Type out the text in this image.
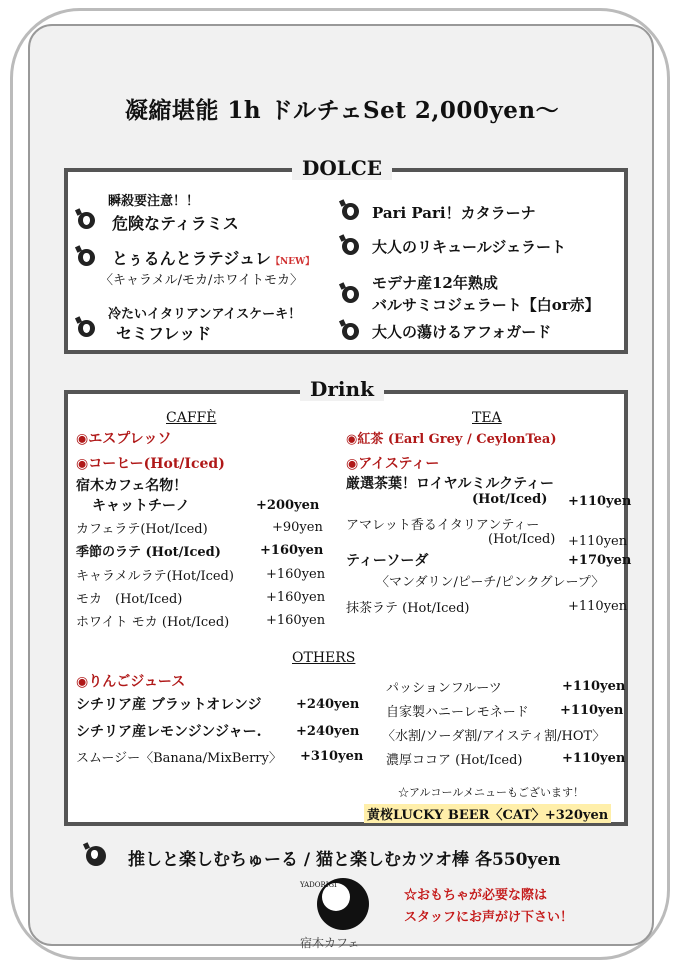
凝縮堪能 1h ドルチェSet 2,000yen〜
DOLCE
瞬殺要注意！！
危険なティラミス
とぅるんとラテジュレ【NEW】
〈キャラメル/モカ/ホワイトモカ〉
冷たいイタリアンアイスケーキ！
セミフレッド
Pari Pari！カタラーナ
大人のリキュールジェラート
モデナ産12年熟成
バルサミコジェラート【白or赤】
大人の蕩けるアフォガード
Drink
CAFFÈ
◉エスプレッソ
◉コーヒー(Hot/Iced)
宿木カフェ名物！
キャットチーノ	+200yen
カフェラテ(Hot/Iced)	+90yen
季節のラテ (Hot/Iced)	+160yen
キャラメルラテ(Hot/Iced) +160yen
モカ　(Hot/Iced)	+160yen
ホワイト モカ (Hot/Iced)	+160yen
TEA
◉紅茶 (Earl Grey / CeylonTea)
◉アイスティー
厳選茶葉！ロイヤルミルクティー
(Hot/Iced) +110yen
アマレット香るイタリアンティー
(Hot/Iced) +110yen
ティーソーダ	+170yen
〈マンダリン/ピーチ/ピンクグレープ〉
抹茶ラテ (Hot/Iced)	+110yen
OTHERS
◉りんごジュース
シチリア産 ブラットオレンジ	+240yen
シチリア産レモンジンジャー.	+240yen
スムージー〈Banana/MixBerry〉 +310yen
パッションフルーツ	+110yen
自家製ハニーレモネード +110yen
〈水割/ソーダ割/アイスティ割/HOT〉
濃厚ココア (Hot/Iced)	+110yen
☆アルコールメニューもございます！
黄桜LUCKY BEER〈CAT〉+320yen
推しと楽しむちゅーる / 猫と楽しむカツオ棒 各550yen
YADORIGI
宿木カフェ
☆おもちゃが必要な際は
スタッフにお声がけ下さい！
